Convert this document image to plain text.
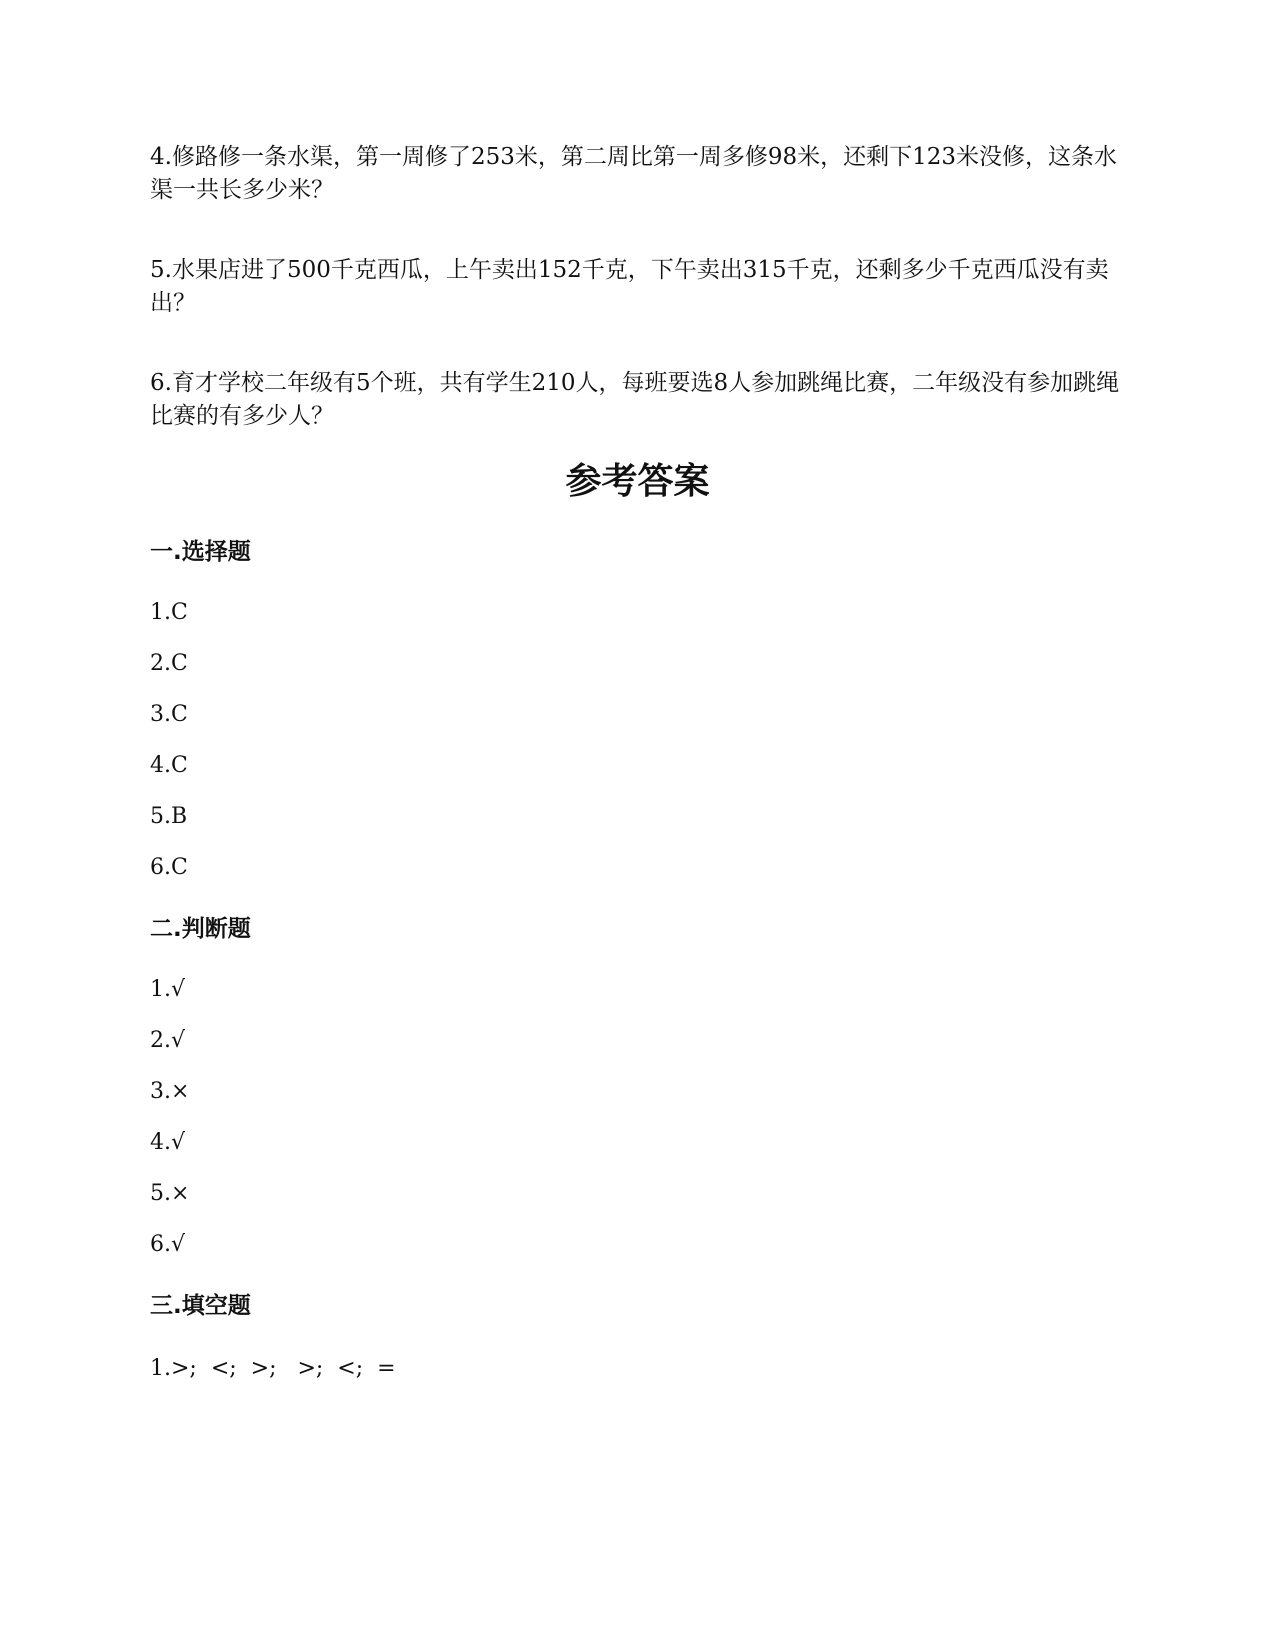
4.修路修一条水渠，第一周修了253米，第二周比第一周多修98米，还剩下123米没修，这条水渠一共长多少米？

5.水果店进了500千克西瓜，上午卖出152千克，下午卖出315千克，还剩多少千克西瓜没有卖出？

6.育才学校二年级有5个班，共有学生210人，每班要选8人参加跳绳比赛，二年级没有参加跳绳比赛的有多少人？

参考答案
一.选择题

1.C

2.C

3.C

4.C

5.B

6.C

二.判断题

1.√

2.√

3.×

4.√

5.×

6.√

三.填空题

1.>;  <;  >;   >;  <;  =
